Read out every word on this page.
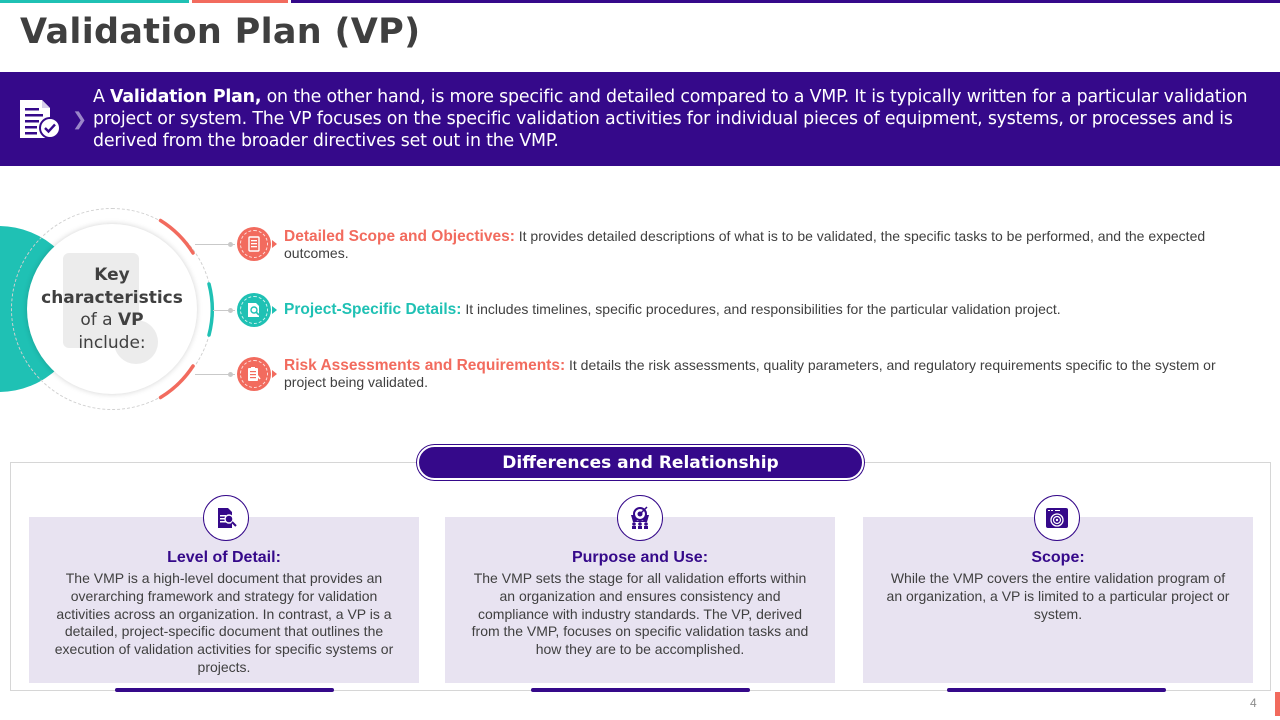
Validation Plan (VP)
❯

A Validation Plan, on the other hand, is more specific and detailed compared to a VMP. It is typically written for a particular validation project or system. The VP focuses on the specific validation activities for individual pieces of equipment, systems, or processes and is derived from the broader directives set out in the VMP.

Key
characteristics
of a VP
include:

Detailed Scope and Objectives: It provides detailed descriptions of what is to be validated, the specific tasks to be performed, and the expected outcomes.

Project-Specific Details: It includes timelines, specific procedures, and responsibilities for the particular validation project.

Risk Assessments and Requirements: It details the risk assessments, quality parameters, and regulatory requirements specific to the system or project being validated.

Differences and Relationship
Level of Detail:
The VMP is a high-level document that provides an overarching framework and strategy for validation activities across an organization. In contrast, a VP is a detailed, project-specific document that outlines the execution of validation activities for specific systems or projects.
Purpose and Use:
The VMP sets the stage for all validation efforts within an organization and ensures consistency and compliance with industry standards. The VP, derived from the VMP, focuses on specific validation tasks and how they are to be accomplished.
Scope:
While the VMP covers the entire validation program of an organization, a VP is limited to a particular project or system.
4
